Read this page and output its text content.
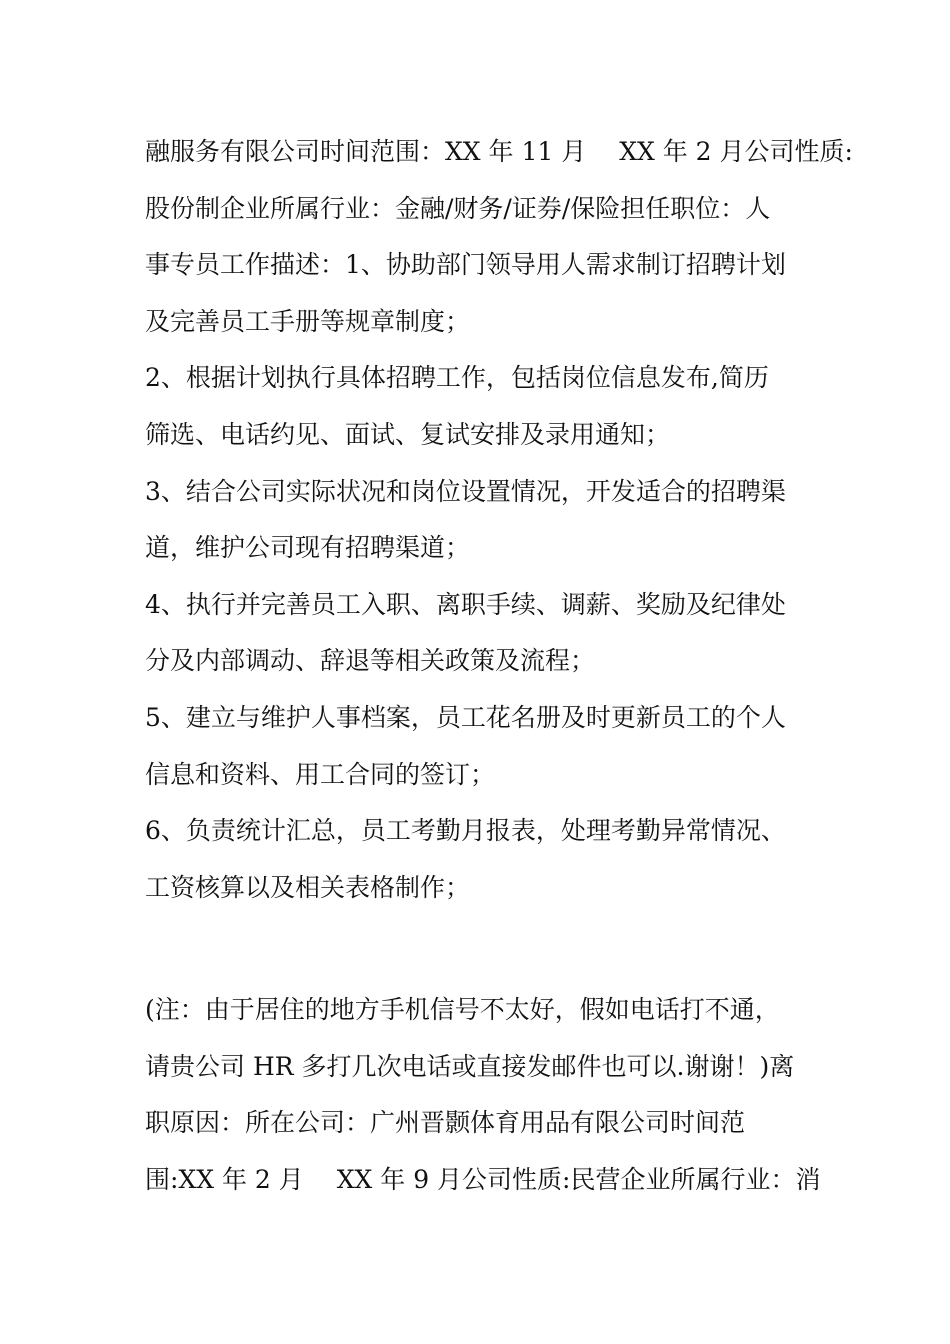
融服务有限公司时间范围：XX 年 11 月　 XX 年 2 月公司性质:
股份制企业所属行业：金融/财务/证券/保险担任职位：人
事专员工作描述：1、协助部门领导用人需求制订招聘计划
及完善员工手册等规章制度；
2、根据计划执行具体招聘工作，包括岗位信息发布,简历
筛选、电话约见、面试、复试安排及录用通知；
3、结合公司实际状况和岗位设置情况，开发适合的招聘渠
道，维护公司现有招聘渠道；
4、执行并完善员工入职、离职手续、调薪、奖励及纪律处
分及内部调动、辞退等相关政策及流程；
5、建立与维护人事档案，员工花名册及时更新员工的个人
信息和资料、用工合同的签订；
6、负责统计汇总，员工考勤月报表，处理考勤异常情况、
工资核算以及相关表格制作；
(注：由于居住的地方手机信号不太好，假如电话打不通，
请贵公司 HR 多打几次电话或直接发邮件也可以.谢谢！)离
职原因：所在公司：广州晋颢体育用品有限公司时间范
围:XX 年 2 月　 XX 年 9 月公司性质:民营企业所属行业：消
